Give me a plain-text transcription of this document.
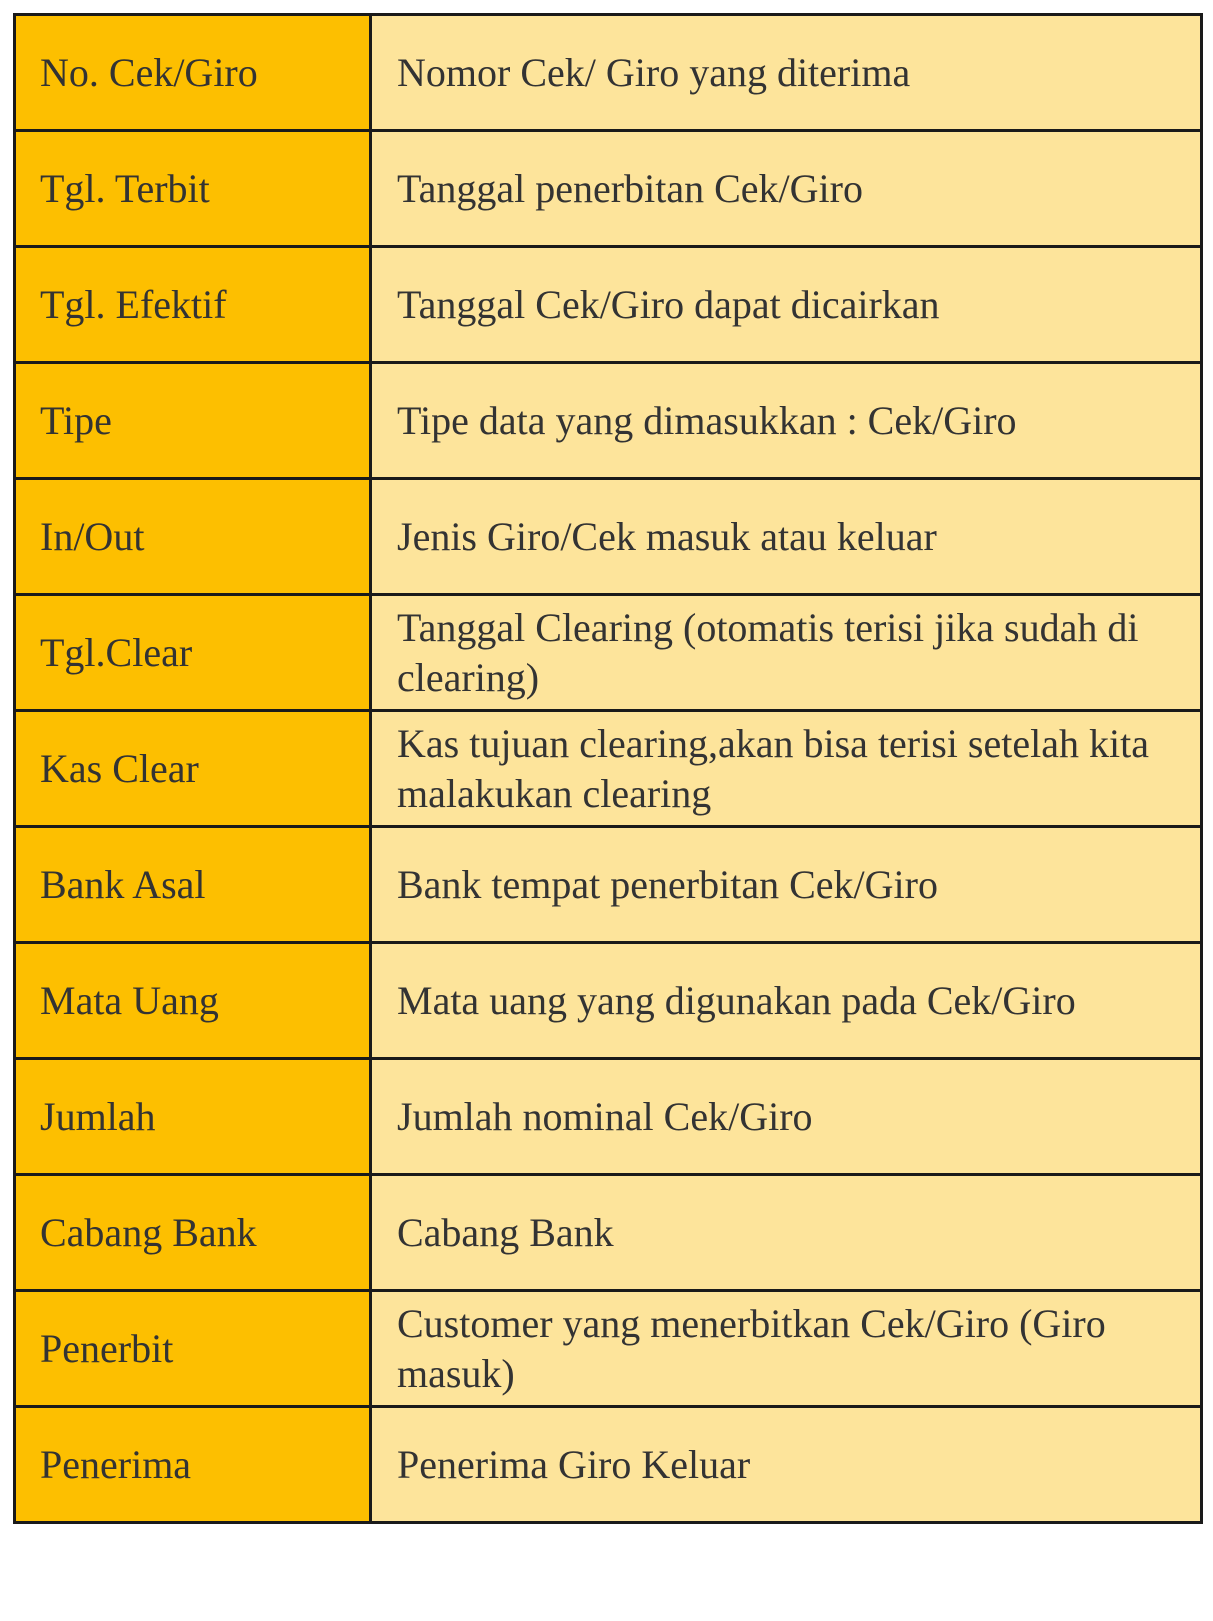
No. Cek/Giro	Nomor Cek/ Giro yang diterima
Tgl. Terbit	Tanggal penerbitan Cek/Giro
Tgl. Efektif	Tanggal Cek/Giro dapat dicairkan
Tipe	Tipe data yang dimasukkan : Cek/Giro
In/Out	Jenis Giro/Cek masuk atau keluar
Tgl.Clear	Tanggal Clearing (otomatis terisi jika sudah di clearing)
Kas Clear	Kas tujuan clearing,akan bisa terisi setelah kita malakukan clearing
Bank Asal	Bank tempat penerbitan Cek/Giro
Mata Uang	Mata uang yang digunakan pada Cek/Giro
Jumlah	Jumlah nominal Cek/Giro
Cabang Bank	Cabang Bank
Penerbit	Customer yang menerbitkan Cek/Giro (Giro masuk)
Penerima	Penerima Giro Keluar
